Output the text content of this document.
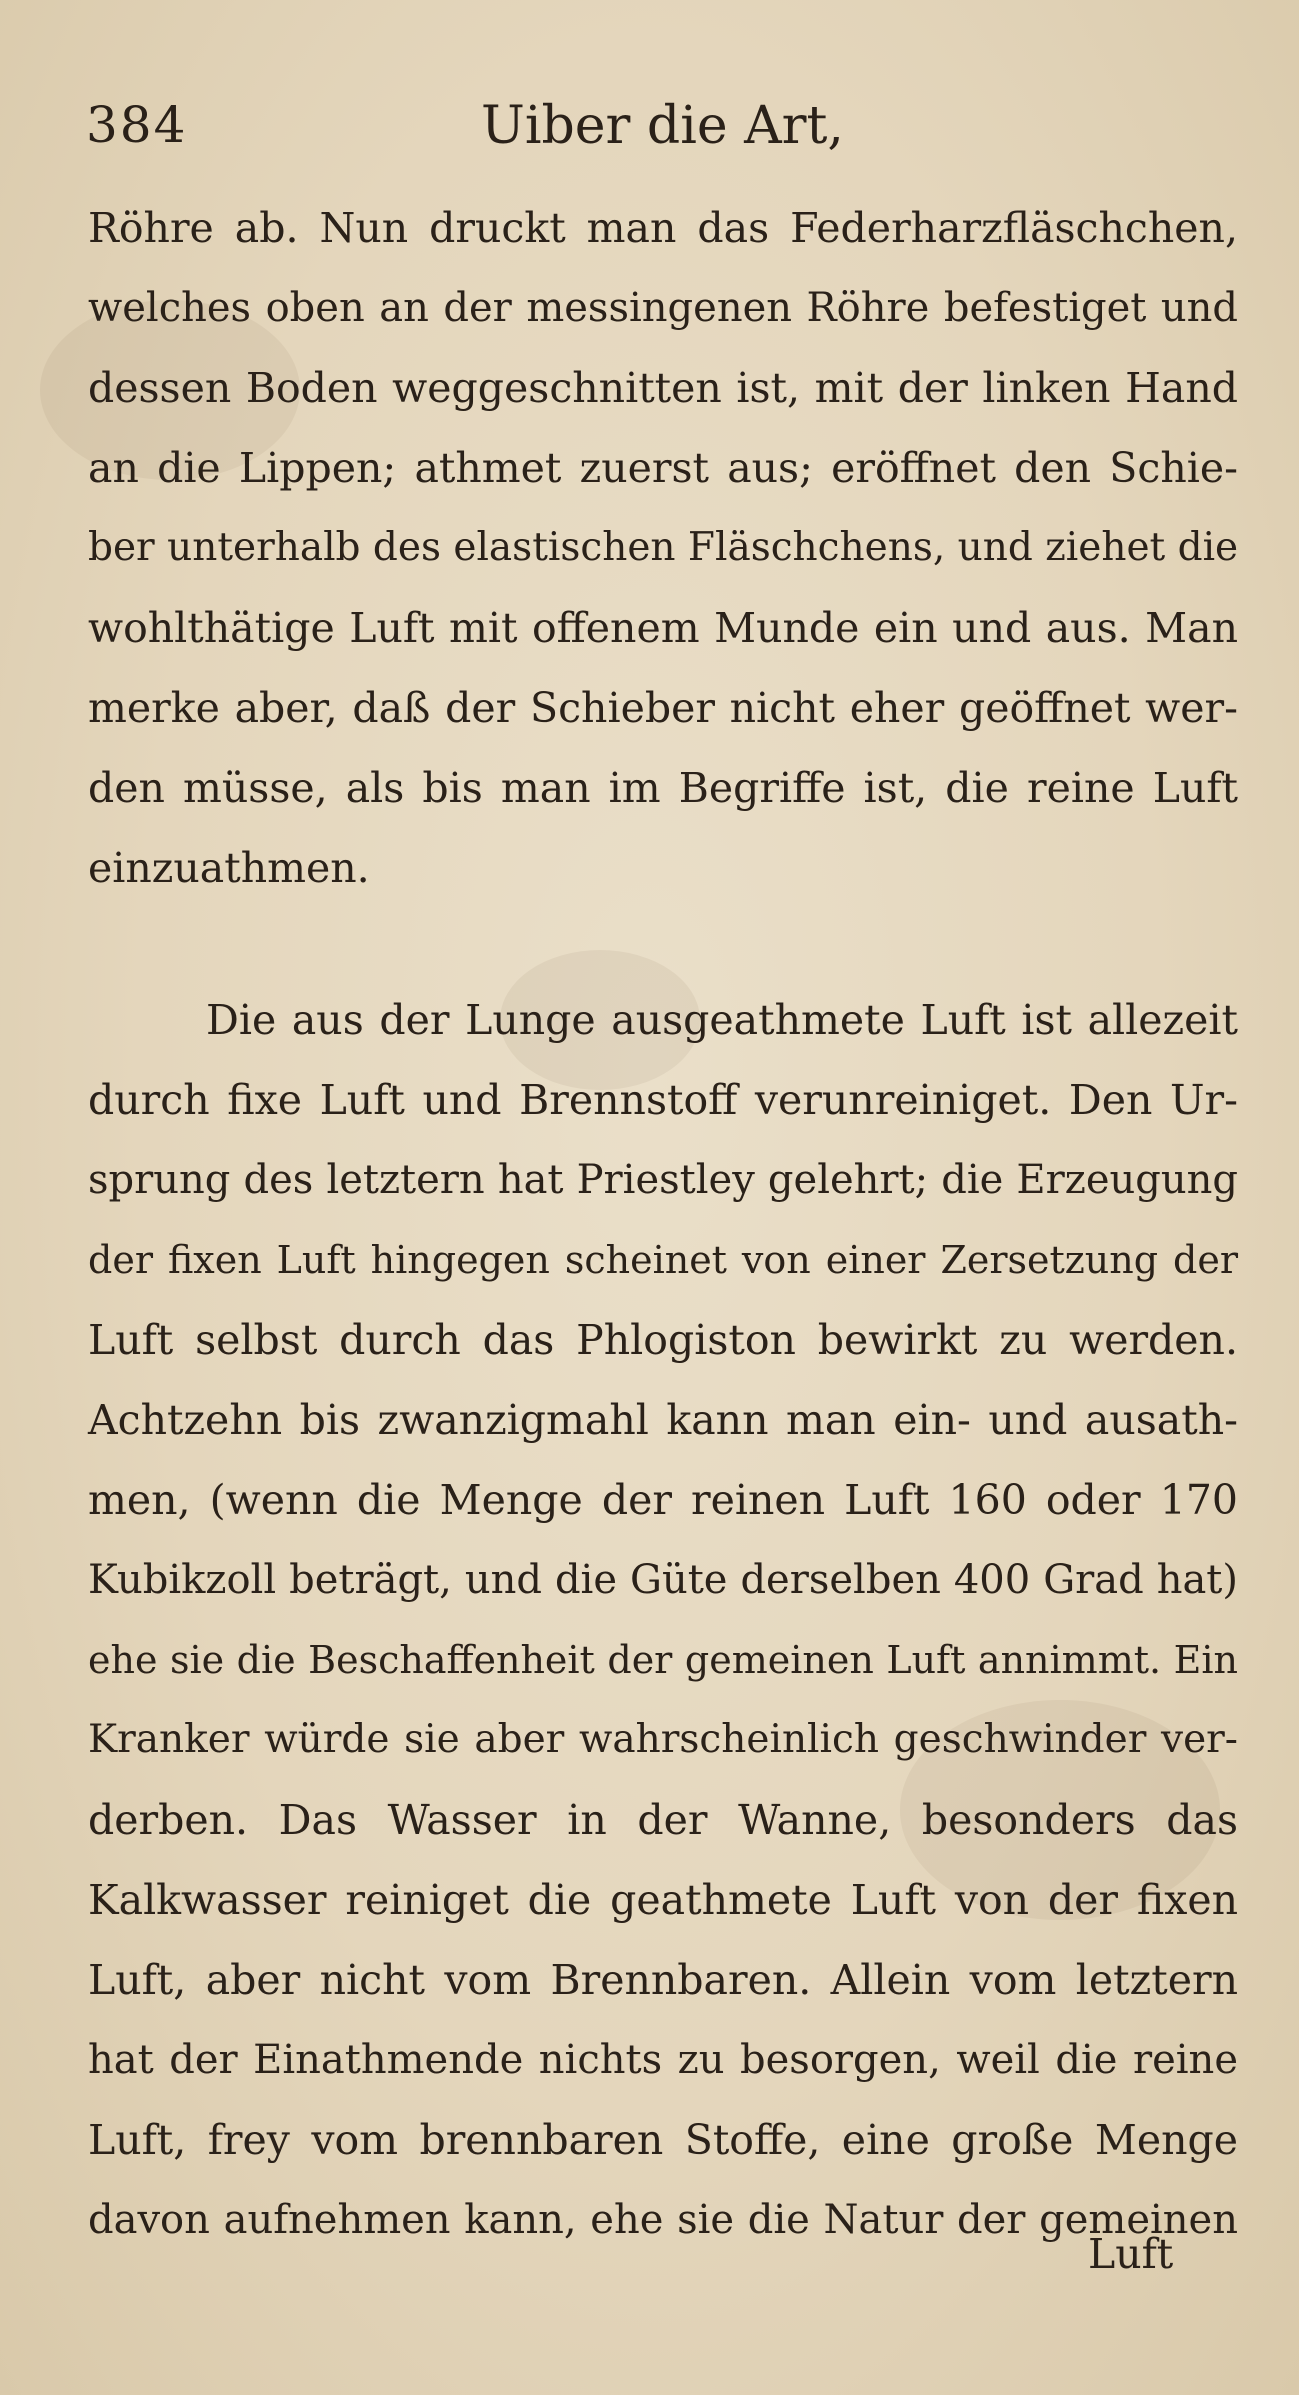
384	Uiber die Art,
Röhre ab. Nun druckt man das Federharzfläschchen,
welches oben an der messingenen Röhre befestiget und
dessen Boden weggeschnitten ist, mit der linken Hand
an die Lippen; athmet zuerst aus; eröffnet den Schie-
ber unterhalb des elastischen Fläschchens, und ziehet die
wohlthätige Luft mit offenem Munde ein und aus. Man
merke aber, daß der Schieber nicht eher geöffnet wer-
den müsse, als bis man im Begriffe ist, die reine Luft
einzuathmen.
Die aus der Lunge ausgeathmete Luft ist allezeit
durch fixe Luft und Brennstoff verunreiniget. Den Ur-
sprung des letztern hat Priestley gelehrt; die Erzeugung
der fixen Luft hingegen scheinet von einer Zersetzung der
Luft selbst durch das Phlogiston bewirkt zu werden.
Achtzehn bis zwanzigmahl kann man ein- und ausath-
men, (wenn die Menge der reinen Luft 160 oder 170
Kubikzoll beträgt, und die Güte derselben 400 Grad hat)
ehe sie die Beschaffenheit der gemeinen Luft annimmt. Ein
Kranker würde sie aber wahrscheinlich geschwinder ver-
derben. Das Wasser in der Wanne, besonders das
Kalkwasser reiniget die geathmete Luft von der fixen
Luft, aber nicht vom Brennbaren. Allein vom letztern
hat der Einathmende nichts zu besorgen, weil die reine
Luft, frey vom brennbaren Stoffe, eine große Menge
davon aufnehmen kann, ehe sie die Natur der gemeinen
Luft
